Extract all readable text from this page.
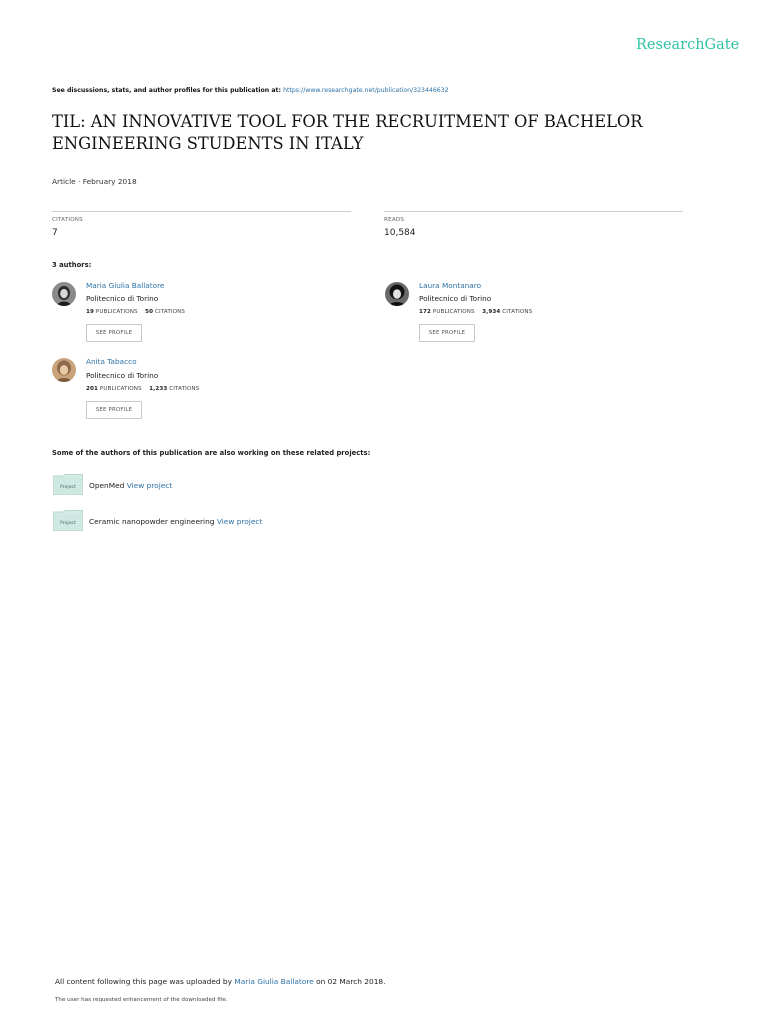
ResearchGate
See discussions, stats, and author profiles for this publication at: https://www.researchgate.net/publication/323446632
TIL: AN INNOVATIVE TOOL FOR THE RECRUITMENT OF BACHELOR ENGINEERING STUDENTS IN ITALY
Article · February 2018
CITATIONS
7
READS
10,584
3 authors:
Maria Giulia Ballatore
Politecnico di Torino
19 PUBLICATIONS 50 CITATIONS
SEE PROFILE
Laura Montanaro
Politecnico di Torino
172 PUBLICATIONS 3,934 CITATIONS
SEE PROFILE
Anita Tabacco
Politecnico di Torino
201 PUBLICATIONS 1,233 CITATIONS
SEE PROFILE
Some of the authors of this publication are also working on these related projects:
Project OpenMed View project
Project Ceramic nanopowder engineering View project
All content following this page was uploaded by Maria Giulia Ballatore on 02 March 2018.
The user has requested enhancement of the downloaded file.
